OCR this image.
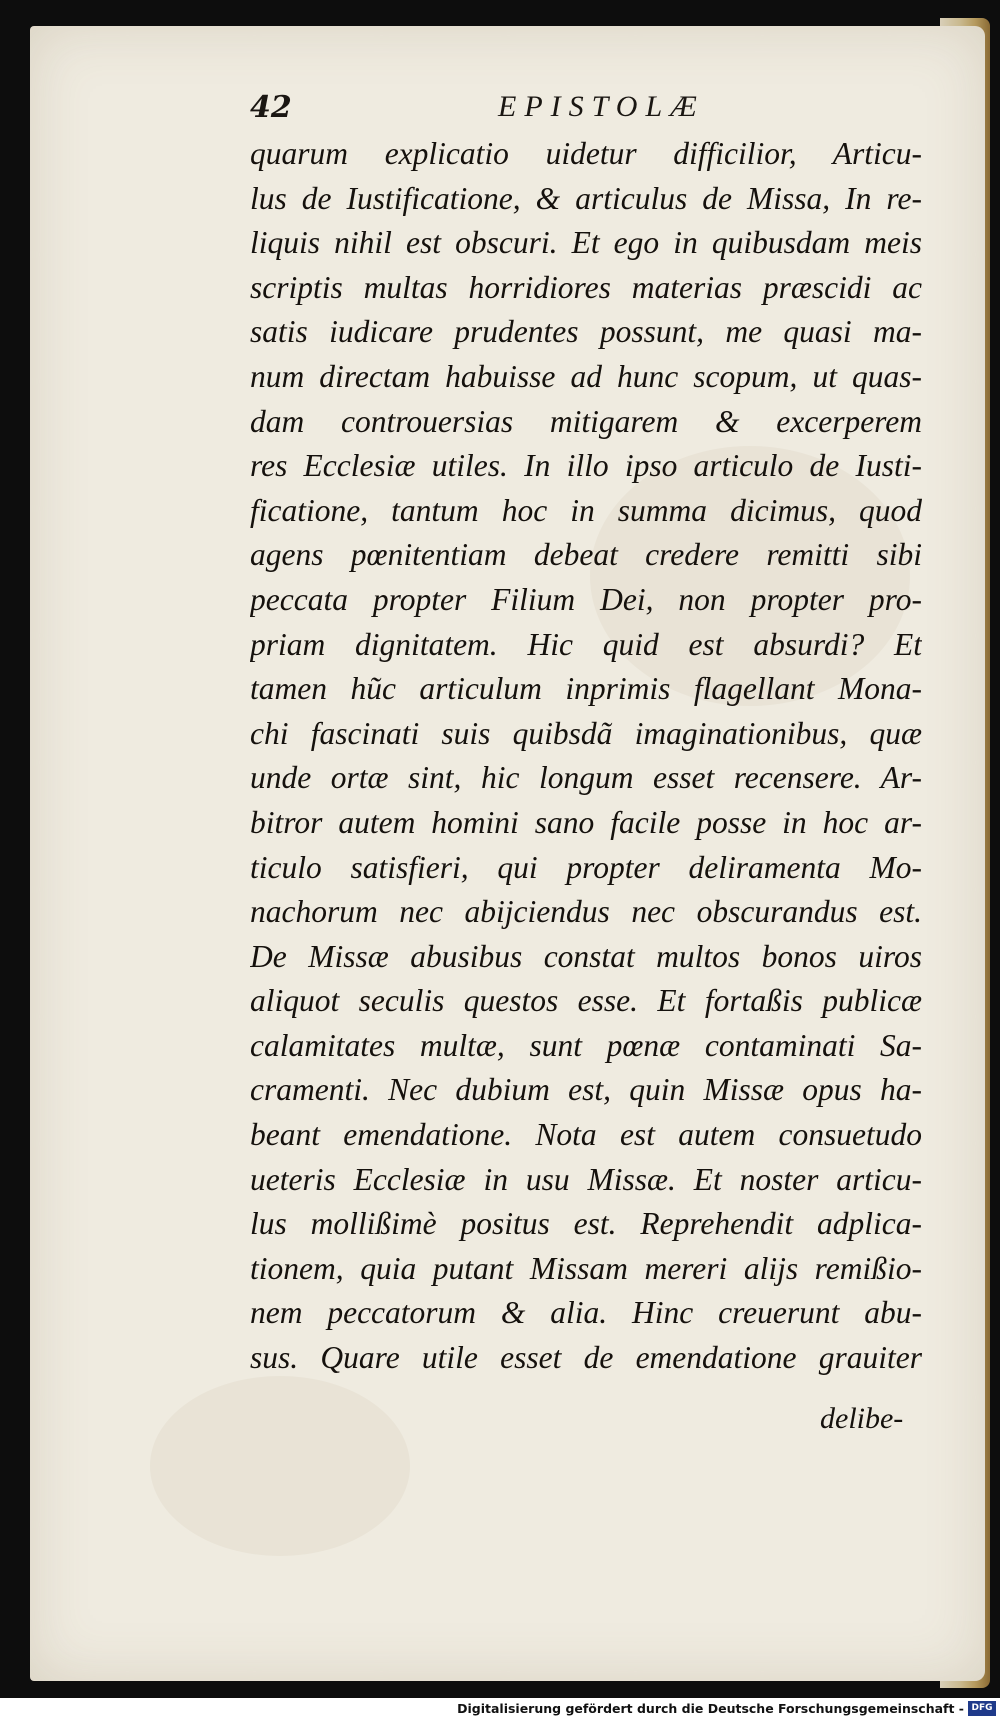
42	EPISTOLÆ
quarum explicatio uidetur difficilior, Articu-
lus de Iustificatione, & articulus de Missa, In re-
liquis nihil est obscuri. Et ego in quibusdam meis
scriptis multas horridiores materias præscidi ac
satis iudicare prudentes possunt, me quasi ma-
num directam habuisse ad hunc scopum, ut quas-
dam controuersias mitigarem & excerperem
res Ecclesiæ utiles. In illo ipso articulo de Iusti-
ficatione, tantum hoc in summa dicimus, quod
agens pœnitentiam debeat credere remitti sibi
peccata propter Filium Dei, non propter pro-
priam dignitatem. Hic quid est absurdi? Et
tamen hũc articulum inprimis flagellant Mona-
chi fascinati suis quibsdã imaginationibus, quæ
unde ortæ sint, hic longum esset recensere. Ar-
bitror autem homini sano facile posse in hoc ar-
ticulo satisfieri, qui propter deliramenta Mo-
nachorum nec abijciendus nec obscurandus est.
De Missæ abusibus constat multos bonos uiros
aliquot seculis questos esse. Et fortaßis publicæ
calamitates multæ, sunt pœnæ contaminati Sa-
cramenti. Nec dubium est, quin Missæ opus ha-
beant emendatione. Nota est autem consuetudo
ueteris Ecclesiæ in usu Missæ. Et noster articu-
lus mollißimè positus est. Reprehendit adplica-
tionem, quia putant Missam mereri alijs remißio-
nem peccatorum & alia. Hinc creuerunt abu-
sus. Quare utile esset de emendatione grauiter
delibe-
Digitalisierung gefördert durch die Deutsche Forschungsgemeinschaft - DFG
